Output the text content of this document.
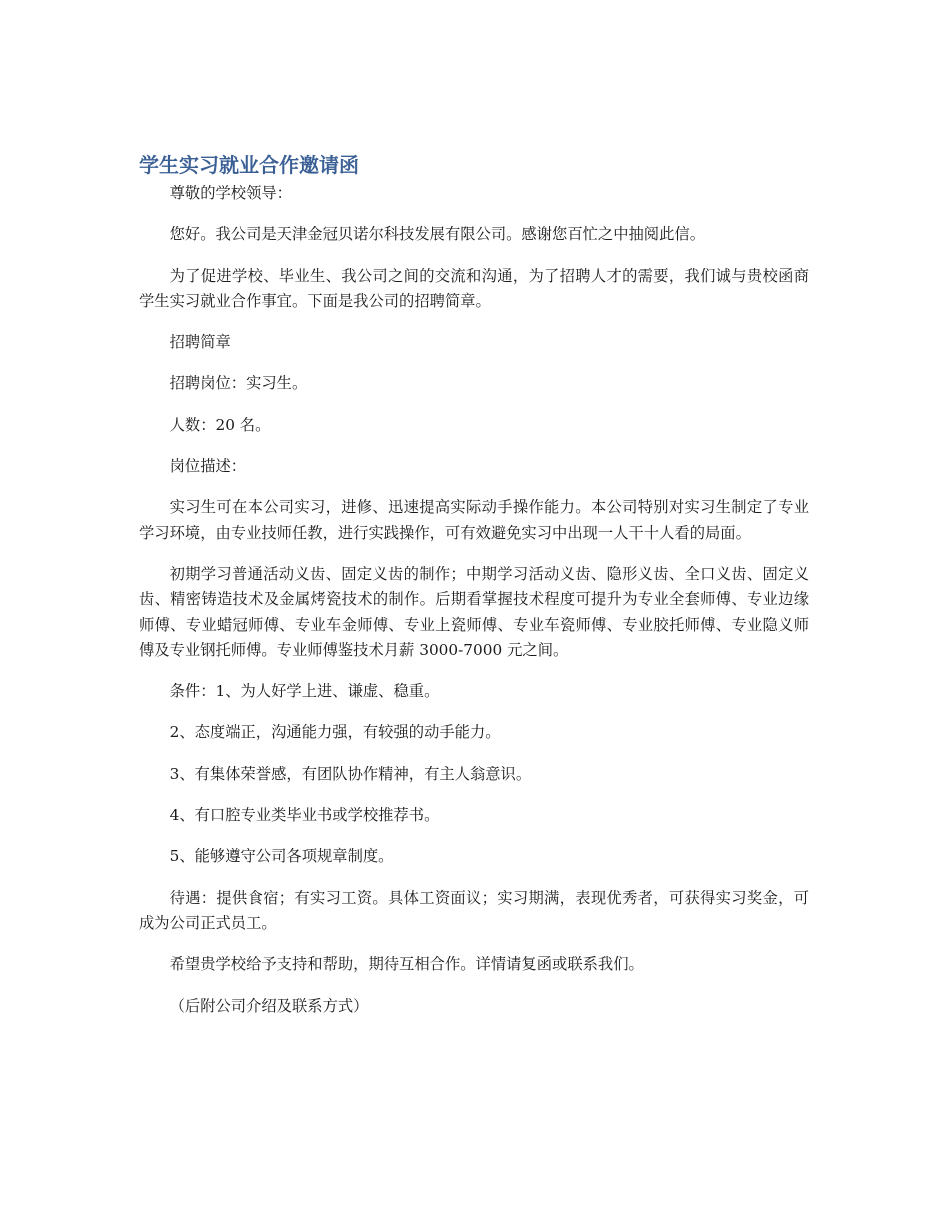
学生实习就业合作邀请函

尊敬的学校领导：

您好。我公司是天津金冠贝诺尔科技发展有限公司。感谢您百忙之中抽阅此信。

为了促进学校、毕业生、我公司之间的交流和沟通，为了招聘人才的需要，我们诚与贵校函商学生实习就业合作事宜。下面是我公司的招聘简章。

招聘简章

招聘岗位：实习生。

人数：20 名。

岗位描述：

实习生可在本公司实习，进修、迅速提高实际动手操作能力。本公司特别对实习生制定了专业学习环境，由专业技师任教，进行实践操作，可有效避免实习中出现一人干十人看的局面。

初期学习普通活动义齿、固定义齿的制作；中期学习活动义齿、隐形义齿、全口义齿、固定义齿、精密铸造技术及金属烤瓷技术的制作。后期看掌握技术程度可提升为专业全套师傅、专业边缘师傅、专业蜡冠师傅、专业车金师傅、专业上瓷师傅、专业车瓷师傅、专业胶托师傅、专业隐义师傅及专业钢托师傅。专业师傅鉴技术月薪 3000-7000 元之间。

条件：1、为人好学上进、谦虚、稳重。

2、态度端正，沟通能力强，有较强的动手能力。

3、有集体荣誉感，有团队协作精神，有主人翁意识。

4、有口腔专业类毕业书或学校推荐书。

5、能够遵守公司各项规章制度。

待遇：提供食宿；有实习工资。具体工资面议；实习期满，表现优秀者，可获得实习奖金，可成为公司正式员工。

希望贵学校给予支持和帮助，期待互相合作。详情请复函或联系我们。

（后附公司介绍及联系方式）
